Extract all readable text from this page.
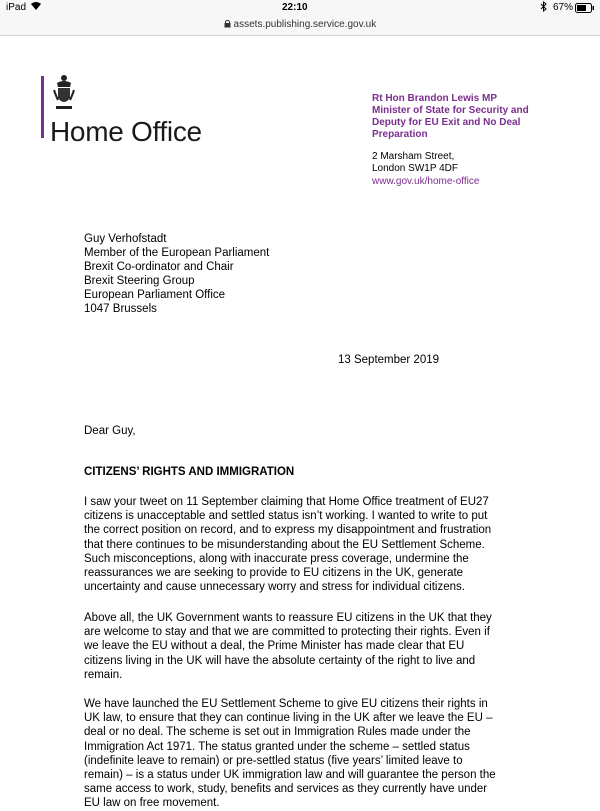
iPad	22:10	67%
assets.publishing.service.gov.uk
Home Office
Rt Hon Brandon Lewis MP
Minister of State for Security and
Deputy for EU Exit and No Deal
Preparation
2 Marsham Street,
London SW1P 4DF
www.gov.uk/home-office
Guy Verhofstadt
Member of the European Parliament
Brexit Co-ordinator and Chair
Brexit Steering Group
European Parliament Office
1047 Brussels
13 September 2019
Dear Guy,
CITIZENS’ RIGHTS AND IMMIGRATION
I saw your tweet on 11 September claiming that Home Office treatment of EU27
citizens is unacceptable and settled status isn’t working. I wanted to write to put
the correct position on record, and to express my disappointment and frustration
that there continues to be misunderstanding about the EU Settlement Scheme.
Such misconceptions, along with inaccurate press coverage, undermine the
reassurances we are seeking to provide to EU citizens in the UK, generate
uncertainty and cause unnecessary worry and stress for individual citizens.
Above all, the UK Government wants to reassure EU citizens in the UK that they
are welcome to stay and that we are committed to protecting their rights. Even if
we leave the EU without a deal, the Prime Minister has made clear that EU
citizens living in the UK will have the absolute certainty of the right to live and
remain.
We have launched the EU Settlement Scheme to give EU citizens their rights in
UK law, to ensure that they can continue living in the UK after we leave the EU –
deal or no deal. The scheme is set out in Immigration Rules made under the
Immigration Act 1971. The status granted under the scheme – settled status
(indefinite leave to remain) or pre-settled status (five years’ limited leave to
remain) – is a status under UK immigration law and will guarantee the person the
same access to work, study, benefits and services as they currently have under
EU law on free movement.
